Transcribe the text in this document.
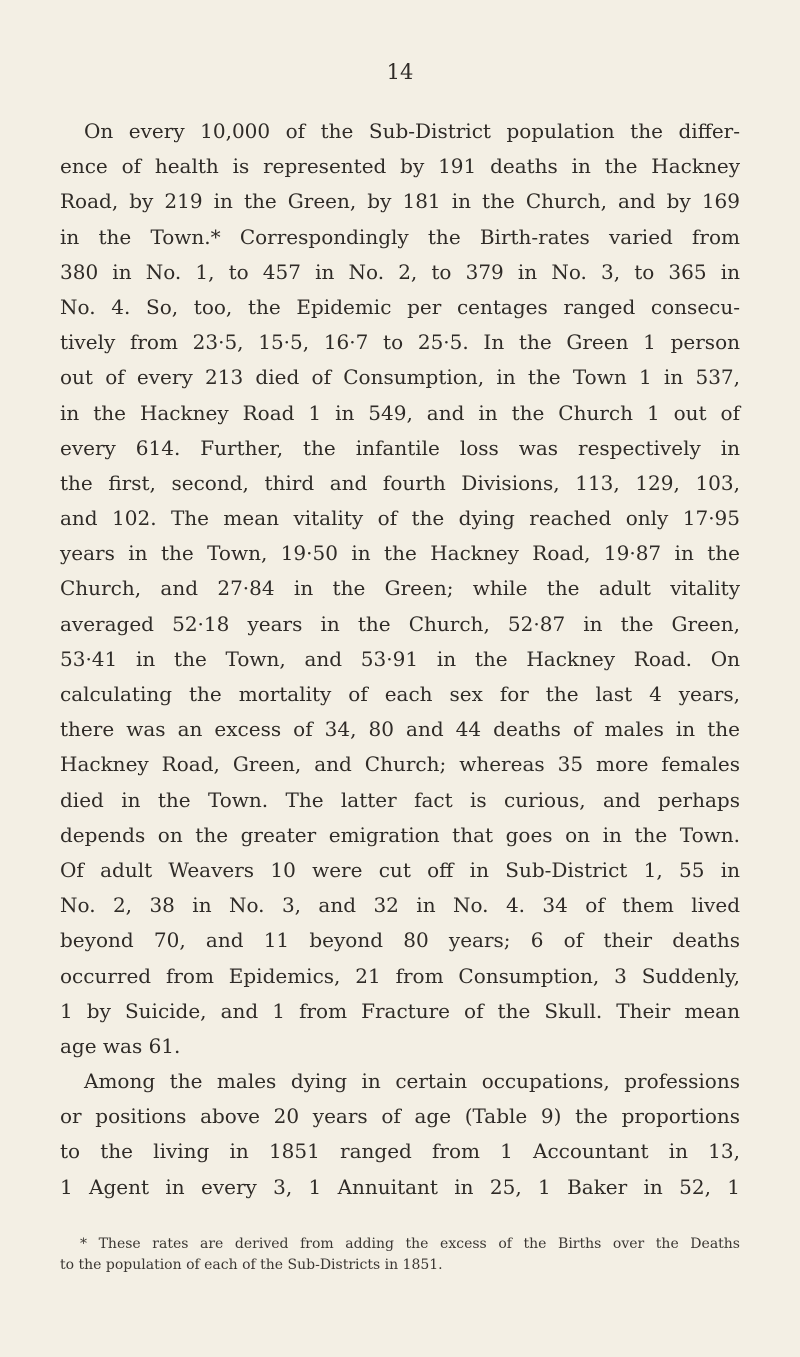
14
On every 10,000 of the Sub-District population the differ-
ence of health is represented by 191 deaths in the Hackney
Road, by 219 in the Green, by 181 in the Church, and by 169
in the Town.* Correspondingly the Birth-rates varied from
380 in No. 1, to 457 in No. 2, to 379 in No. 3, to 365 in
No. 4. So, too, the Epidemic per centages ranged consecu-
tively from 23·5, 15·5, 16·7 to 25·5. In the Green 1 person
out of every 213 died of Consumption, in the Town 1 in 537,
in the Hackney Road 1 in 549, and in the Church 1 out of
every 614. Further, the infantile loss was respectively in
the first, second, third and fourth Divisions, 113, 129, 103,
and 102. The mean vitality of the dying reached only 17·95
years in the Town, 19·50 in the Hackney Road, 19·87 in the
Church, and 27·84 in the Green; while the adult vitality
averaged 52·18 years in the Church, 52·87 in the Green,
53·41 in the Town, and 53·91 in the Hackney Road. On
calculating the mortality of each sex for the last 4 years,
there was an excess of 34, 80 and 44 deaths of males in the
Hackney Road, Green, and Church; whereas 35 more females
died in the Town. The latter fact is curious, and perhaps
depends on the greater emigration that goes on in the Town.
Of adult Weavers 10 were cut off in Sub-District 1, 55 in
No. 2, 38 in No. 3, and 32 in No. 4. 34 of them lived
beyond 70, and 11 beyond 80 years; 6 of their deaths
occurred from Epidemics, 21 from Consumption, 3 Suddenly,
1 by Suicide, and 1 from Fracture of the Skull. Their mean
age was 61.
Among the males dying in certain occupations, professions
or positions above 20 years of age (Table 9) the proportions
to the living in 1851 ranged from 1 Accountant in 13,
1 Agent in every 3, 1 Annuitant in 25, 1 Baker in 52, 1
* These rates are derived from adding the excess of the Births over the Deaths
to the population of each of the Sub-Districts in 1851.
